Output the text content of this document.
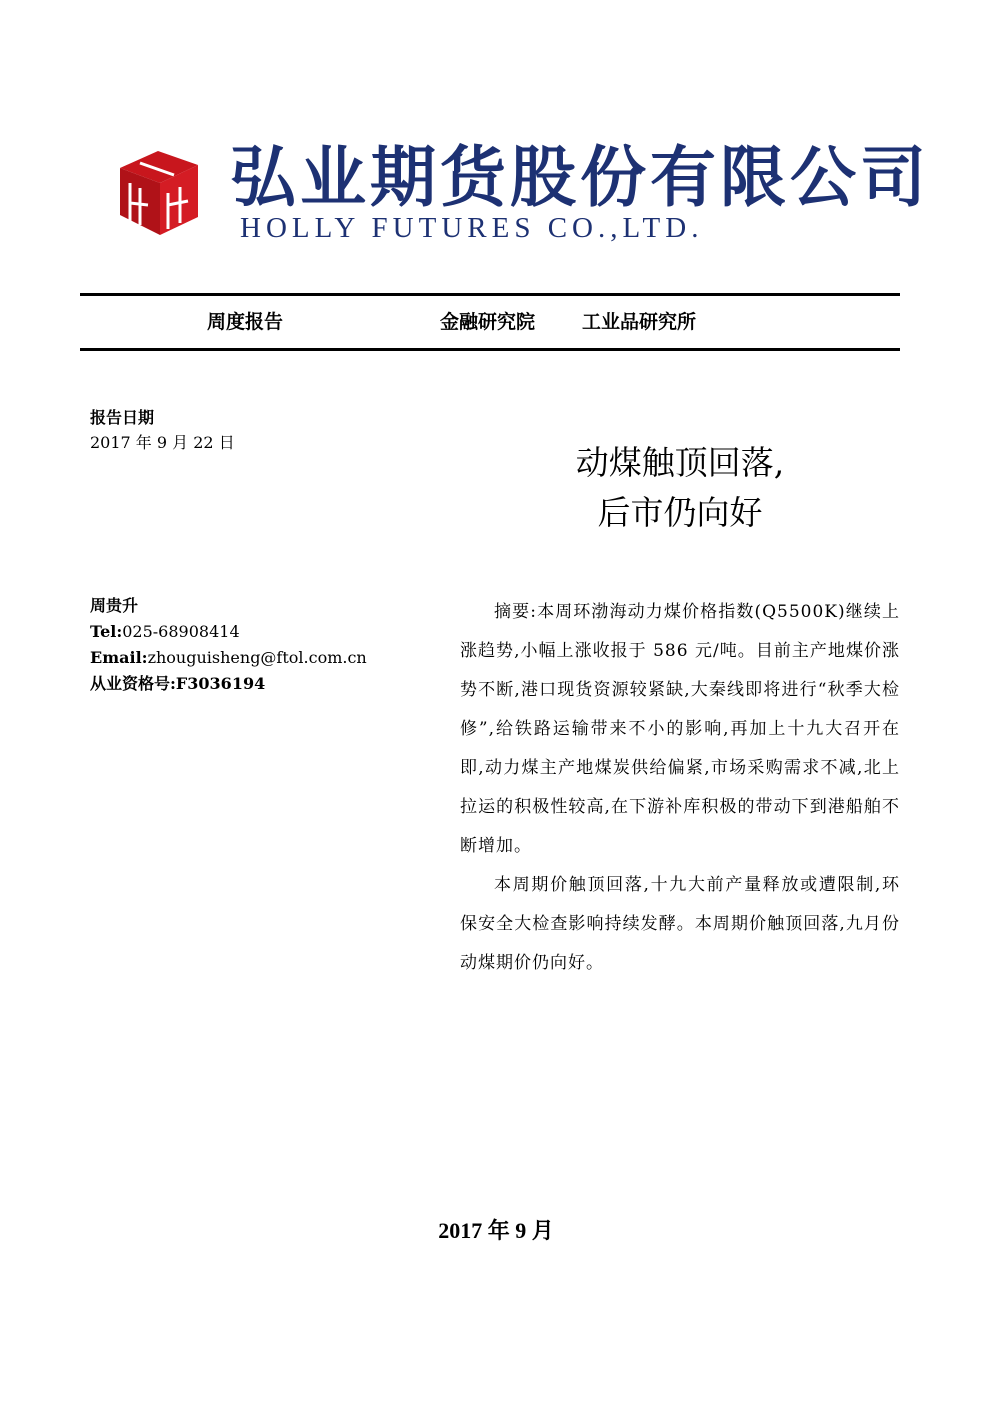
弘业期货股份有限公司
HOLLY FUTURES CO.,LTD.
周度报告	金融研究院 工业品研究所
报告日期
2017 年 9 月 22 日
动煤触顶回落,
后市仍向好
周贵升
Tel:025-68908414
Email:zhouguisheng@ftol.com.cn
从业资格号:F3036194

摘要:本周环渤海动力煤价格指数(Q5500K)继续上涨趋势,小幅上涨收报于 586 元/吨。目前主产地煤价涨势不断,港口现货资源较紧缺,大秦线即将进行“秋季大检修”,给铁路运输带来不小的影响,再加上十九大召开在即,动力煤主产地煤炭供给偏紧,市场采购需求不减,北上拉运的积极性较高,在下游补库积极的带动下到港船舶不断增加。

本周期价触顶回落,十九大前产量释放或遭限制,环保安全大检查影响持续发酵。本周期价触顶回落,九月份动煤期价仍向好。

2017 年 9 月
